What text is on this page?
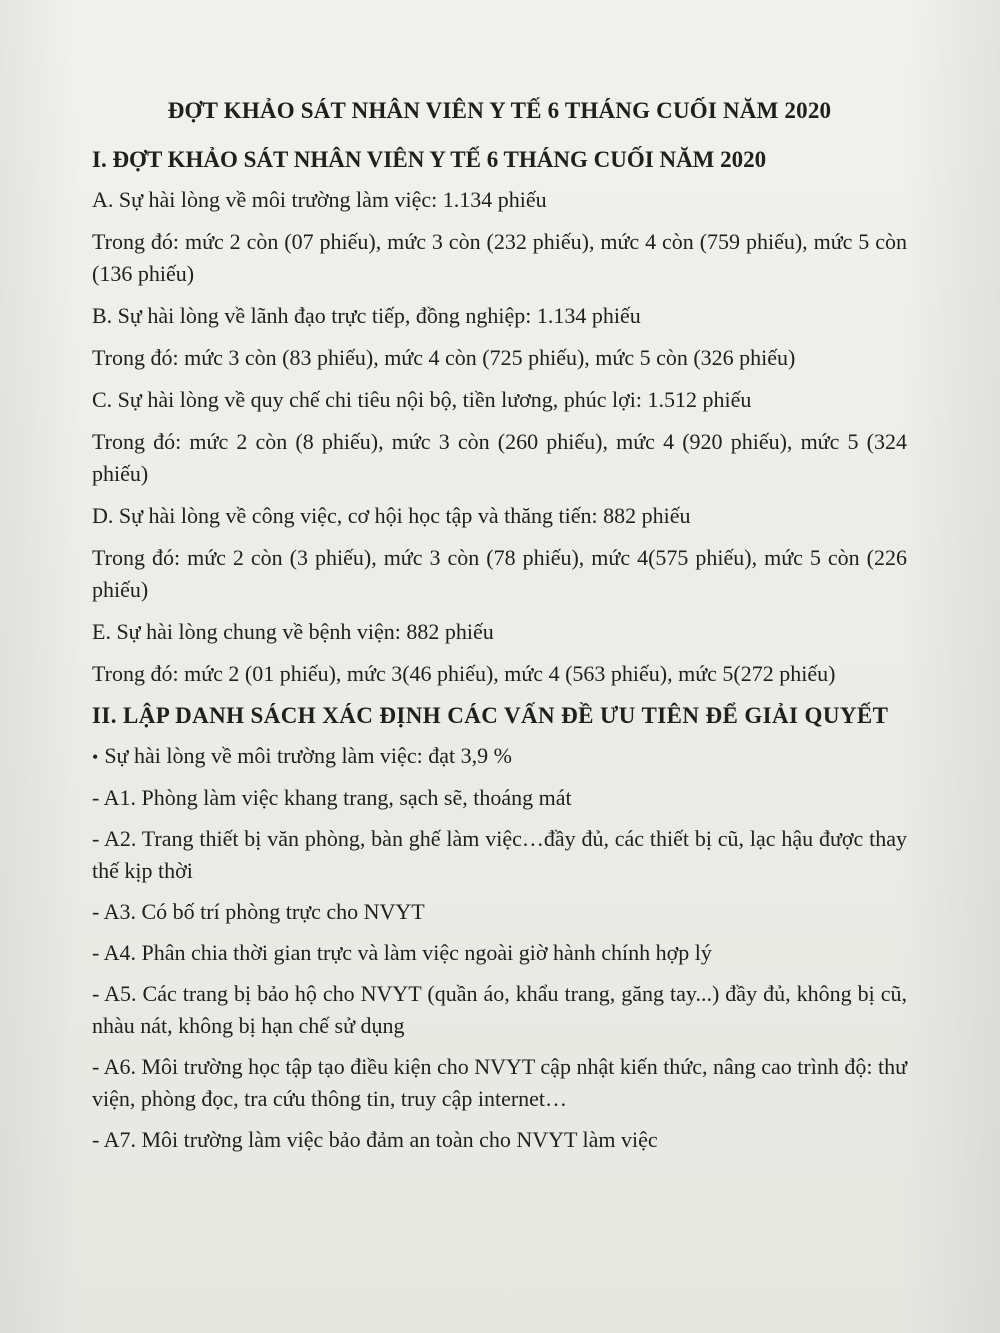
ĐỢT KHẢO SÁT NHÂN VIÊN Y TẾ 6 THÁNG CUỐI NĂM 2020
I. ĐỢT KHẢO SÁT NHÂN VIÊN Y TẾ 6 THÁNG CUỐI NĂM 2020

A. Sự hài lòng về môi trường làm việc: 1.134 phiếu

Trong đó: mức 2 còn (07 phiếu), mức 3 còn (232 phiếu), mức 4 còn (759 phiếu), mức 5 còn (136 phiếu)

B. Sự hài lòng về lãnh đạo trực tiếp, đồng nghiệp: 1.134 phiếu

Trong đó: mức 3 còn (83 phiếu), mức 4 còn (725 phiếu), mức 5 còn (326 phiếu)

C. Sự hài lòng về quy chế chi tiêu nội bộ, tiền lương, phúc lợi: 1.512 phiếu

Trong đó: mức 2 còn (8 phiếu), mức 3 còn (260 phiếu), mức 4 (920 phiếu), mức 5 (324 phiếu)

D. Sự hài lòng về công việc, cơ hội học tập và thăng tiến: 882 phiếu

Trong đó: mức 2 còn (3 phiếu), mức 3 còn (78 phiếu), mức 4(575 phiếu), mức 5 còn (226 phiếu)

E. Sự hài lòng chung về bệnh viện: 882 phiếu

Trong đó: mức 2 (01 phiếu), mức 3(46 phiếu), mức 4 (563 phiếu), mức 5(272 phiếu)

II. LẬP DANH SÁCH XÁC ĐỊNH CÁC VẤN ĐỀ ƯU TIÊN ĐỂ GIẢI QUYẾT

• Sự hài lòng về môi trường làm việc: đạt 3,9 %

- A1. Phòng làm việc khang trang, sạch sẽ, thoáng mát

- A2. Trang thiết bị văn phòng, bàn ghế làm việc…đầy đủ, các thiết bị cũ, lạc hậu được thay thế kịp thời

- A3. Có bố trí phòng trực cho NVYT

- A4. Phân chia thời gian trực và làm việc ngoài giờ hành chính hợp lý

- A5. Các trang bị bảo hộ cho NVYT (quần áo, khẩu trang, găng tay...) đầy đủ, không bị cũ, nhàu nát, không bị hạn chế sử dụng

- A6. Môi trường học tập tạo điều kiện cho NVYT cập nhật kiến thức, nâng cao trình độ: thư viện, phòng đọc, tra cứu thông tin, truy cập internet…

- A7. Môi trường làm việc bảo đảm an toàn cho NVYT làm việc
